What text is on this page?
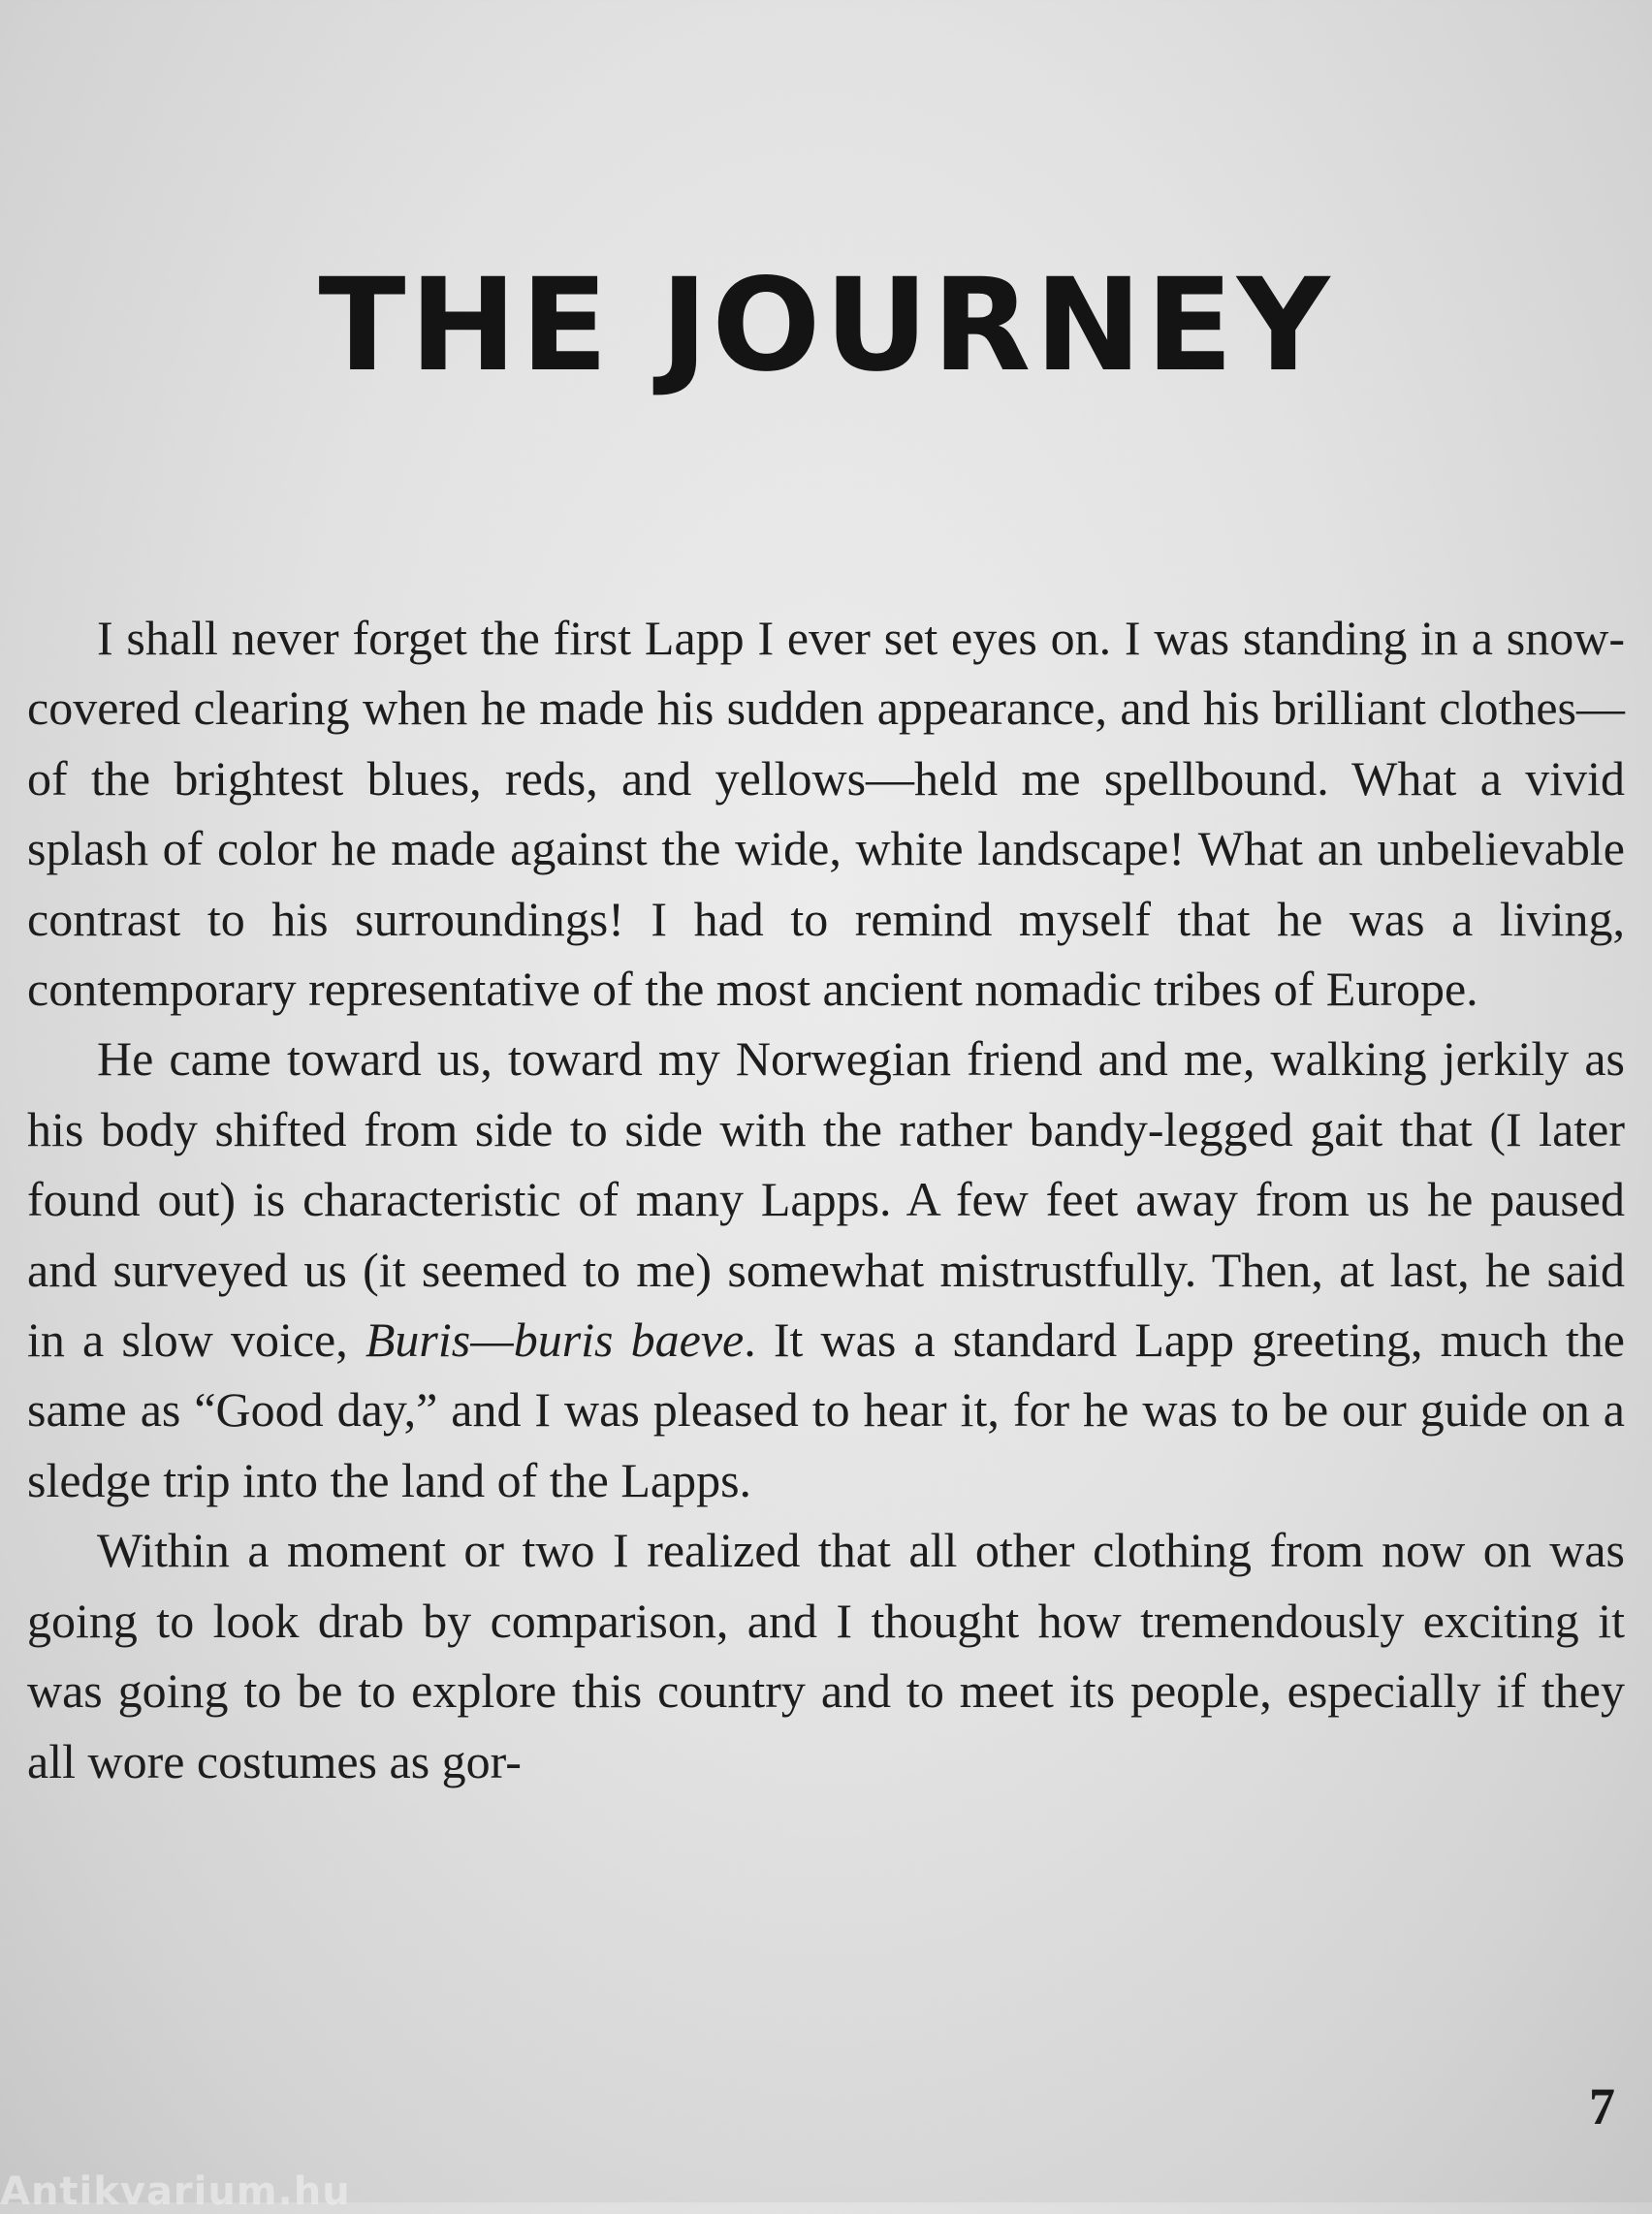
THE JOURNEY

I shall never forget the first Lapp I ever set eyes on. I was standing in a snow-covered clearing when he made his sudden appearance, and his brilliant clothes—of the brightest blues, reds, and yellows—held me spellbound. What a vivid splash of color he made against the wide, white landscape! What an unbelievable contrast to his surroundings! I had to remind myself that he was a living, contemporary representative of the most ancient nomadic tribes of Europe.

He came toward us, toward my Norwegian friend and me, walking jerkily as his body shifted from side to side with the rather bandy-legged gait that (I later found out) is characteristic of many Lapps. A few feet away from us he paused and surveyed us (it seemed to me) somewhat mistrustfully. Then, at last, he said in a slow voice, Buris—buris baeve. It was a standard Lapp greeting, much the same as “Good day,” and I was pleased to hear it, for he was to be our guide on a sledge trip into the land of the Lapps.

Within a moment or two I realized that all other clothing from now on was going to look drab by comparison, and I thought how tremendously exciting it was going to be to explore this country and to meet its people, especially if they all wore costumes as gor-

7
Antikvarium.hu
